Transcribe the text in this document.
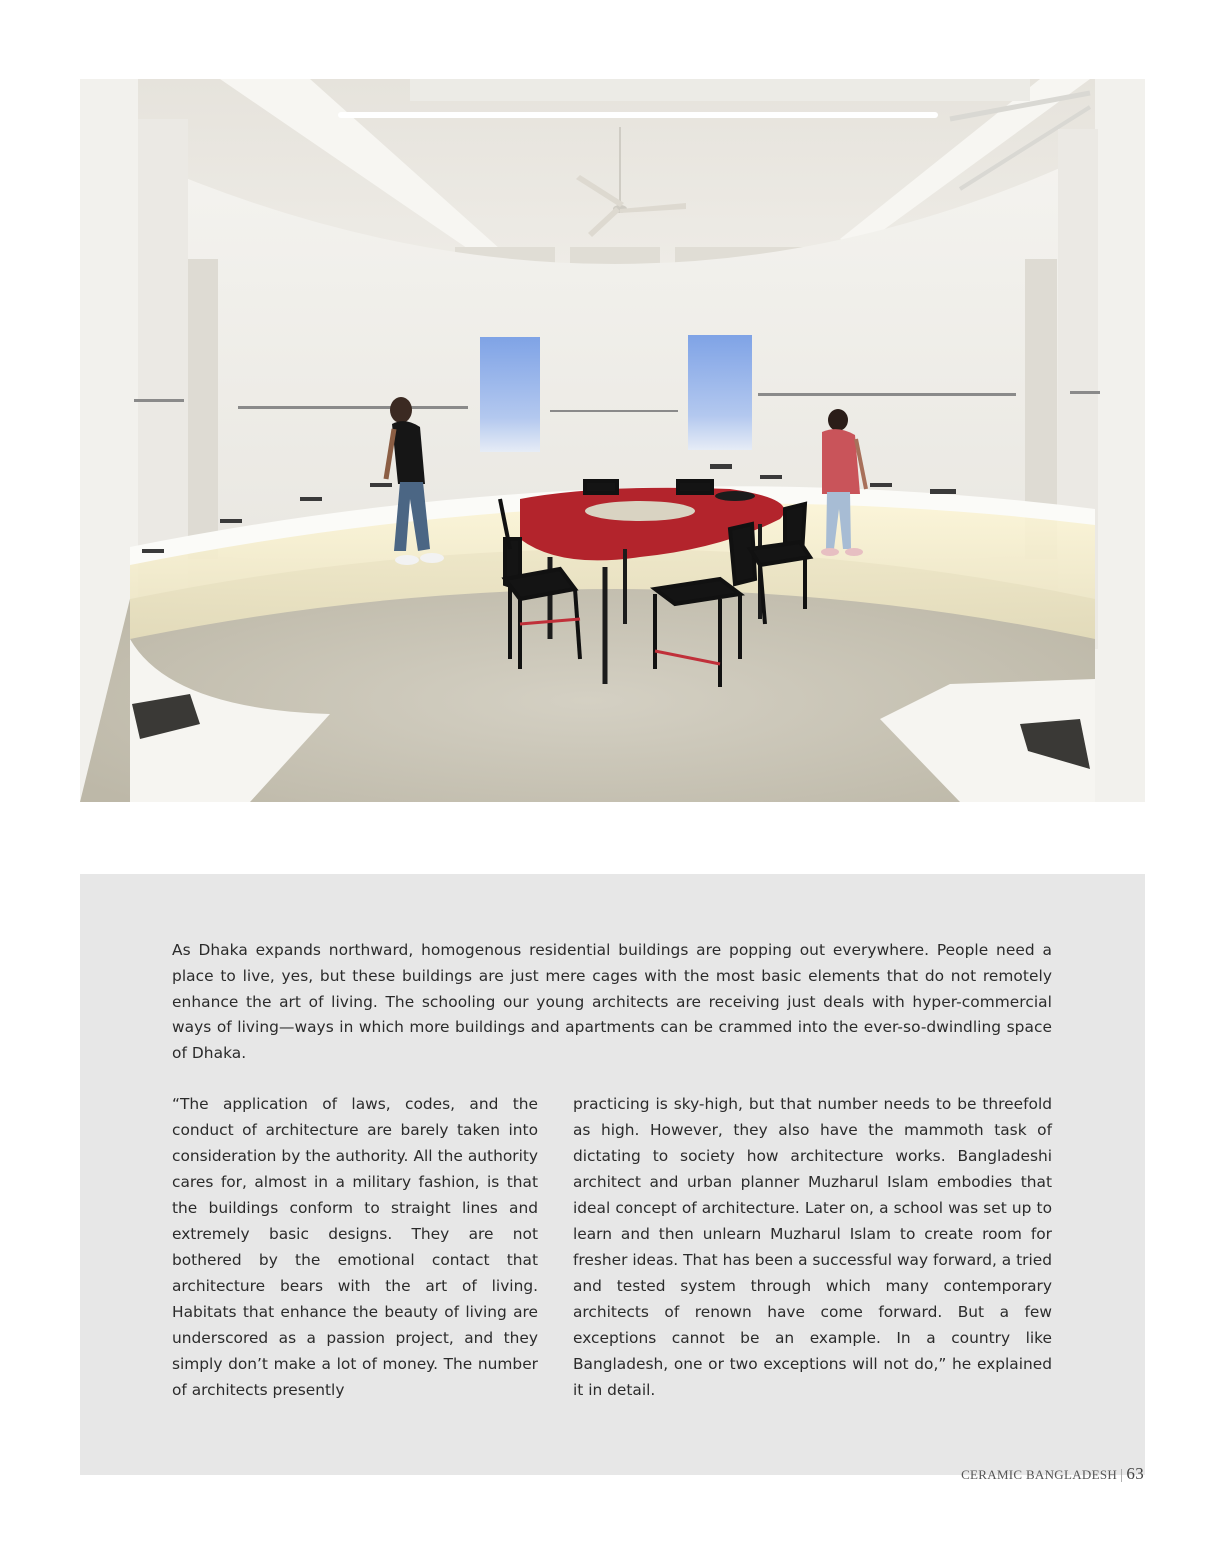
As Dhaka expands northward, homogenous residential buildings are popping out everywhere. People need a place to live, yes, but these buildings are just mere cages with the most basic elements that do not remotely enhance the art of living. The schooling our young architects are receiving just deals with hyper-commercial ways of living—ways in which more buildings and apartments can be crammed into the ever-so-dwindling space of Dhaka.

“The application of laws, codes, and the conduct of architecture are barely taken into consideration by the authority. All the authority cares for, almost in a military fashion, is that the buildings conform to straight lines and extremely basic designs. They are not bothered by the emotional contact that architecture bears with the art of living. Habitats that enhance the beauty of living are underscored as a passion project, and they simply don’t make a lot of money. The number of architects presently

practicing is sky-high, but that number needs to be threefold as high. However, they also have the mammoth task of dictating to society how architecture works. Bangladeshi architect and urban planner Muzharul Islam embodies that ideal concept of architecture. Later on, a school was set up to learn and then unlearn Muzharul Islam to create room for fresher ideas. That has been a successful way forward, a tried and tested system through which many contemporary architects of renown have come forward. But a few exceptions cannot be an example. In a country like Bangladesh, one or two exceptions will not do,” he explained it in detail.

CERAMIC BANGLADESH | 63
